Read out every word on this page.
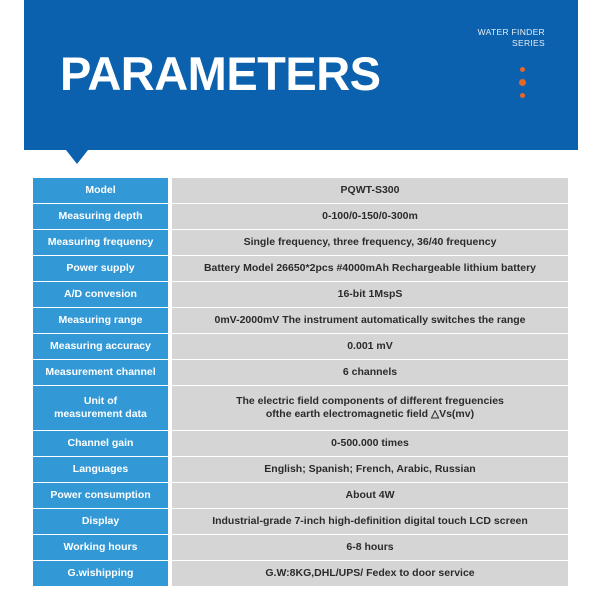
PARAMETERS
WATER FINDER
SERIES
Model	PQWT-S300
Measuring depth	0-100/0-150/0-300m
Measuring frequency	Single frequency, three frequency, 36/40 frequency
Power supply	Battery Model 26650*2pcs #4000mAh Rechargeable lithium battery
A/D convesion	16-bit 1MspS
Measuring range	0mV-2000mV The instrument automatically switches the range
Measuring accuracy	0.001 mV
Measurement channel	6 channels

Unit of
measurement data	The electric field components of different freguencies
ofthe earth electromagnetic field △Vs(mv)

Channel gain	0-500.000 times
Languages	English; Spanish; French, Arabic, Russian
Power consumption	About 4W
Display	Industrial-grade 7-inch high-definition digital touch LCD screen
Working hours	6-8 hours
G.wishipping	G.W:8KG,DHL/UPS/ Fedex to door service
